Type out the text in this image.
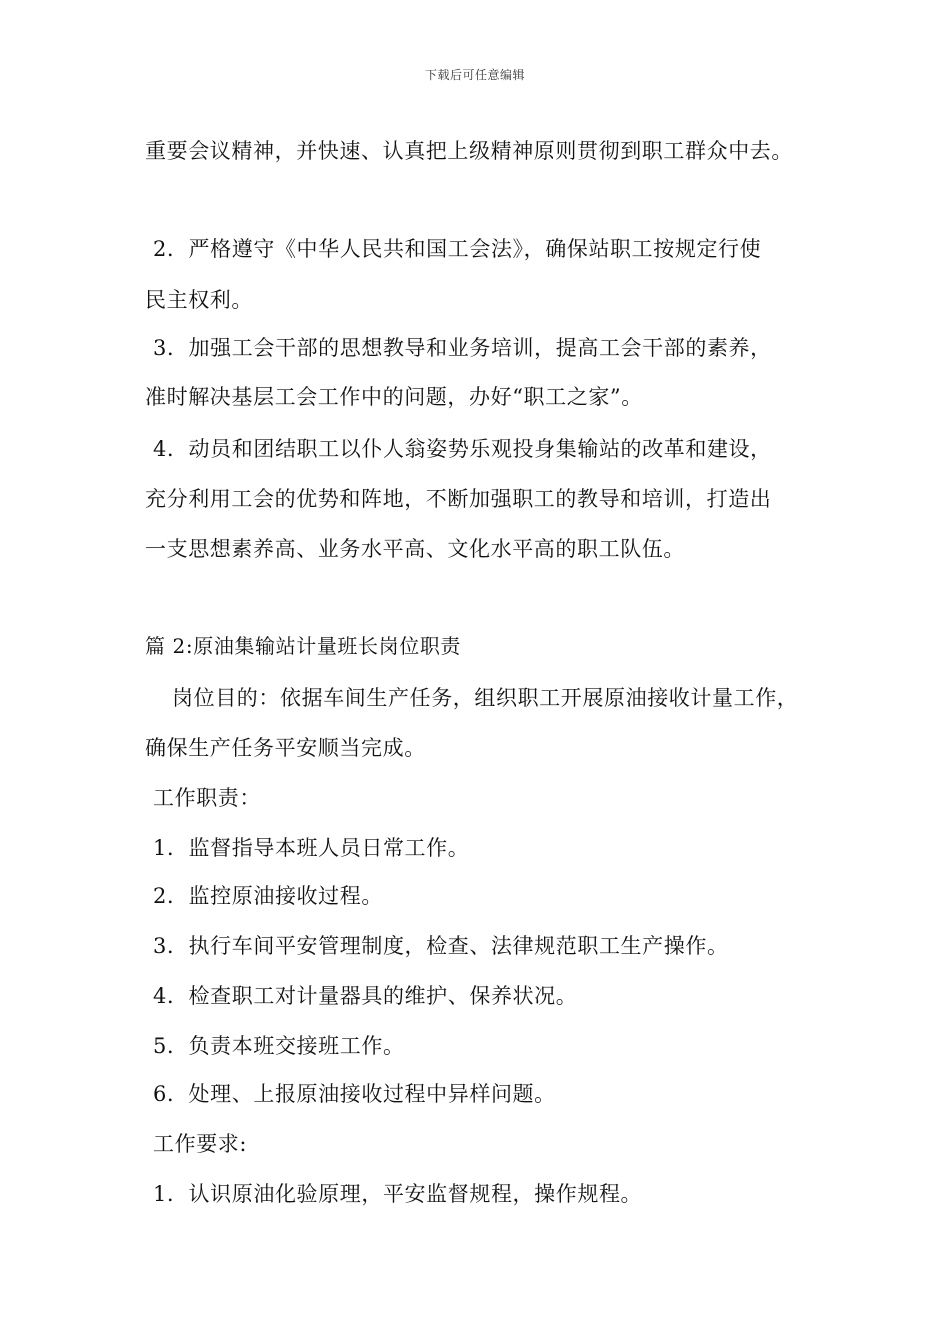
下载后可任意编辑
重要会议精神，并快速、认真把上级精神原则贯彻到职工群众中去。
2．严格遵守《中华人民共和国工会法》，确保站职工按规定行使
民主权利。
3．加强工会干部的思想教导和业务培训，提高工会干部的素养，
准时解决基层工会工作中的问题，办好“职工之家”。
4．动员和团结职工以仆人翁姿势乐观投身集输站的改革和建设，
充分利用工会的优势和阵地，不断加强职工的教导和培训，打造出
一支思想素养高、业务水平高、文化水平高的职工队伍。
篇 2:原油集输站计量班长岗位职责
岗位目的：依据车间生产任务，组织职工开展原油接收计量工作，
确保生产任务平安顺当完成。
工作职责：
1．监督指导本班人员日常工作。
2．监控原油接收过程。
3．执行车间平安管理制度，检查、法律规范职工生产操作。
4．检查职工对计量器具的维护、保养状况。
5．负责本班交接班工作。
6．处理、上报原油接收过程中异样问题。
工作要求:
1．认识原油化验原理，平安监督规程，操作规程。
